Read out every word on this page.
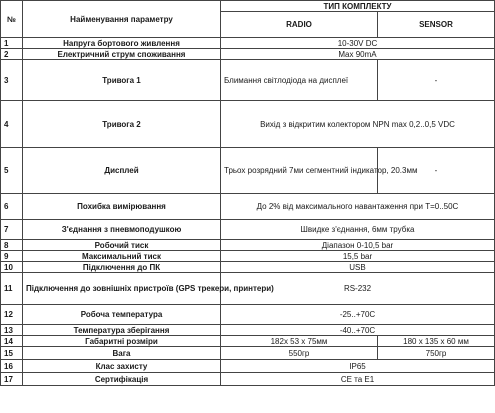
№	Найменування параметру	ТИП КОМПЛЕКТУ	
		RADIO	SENSOR
1	Напруга бортового живлення	10-30V DC	
2	Електричний струм споживання	Max 90mA	
3	Тривога 1	Блимання світлодіода на дисплеї	-
4	Тривога 2	Вихід з відкритим колектором NPN max 0,2..0,5 VDC	
5	Дисплей	Трьох розрядний 7ми сегментний індикатор, 20.3мм	-
6	Похибка вимірювання	До 2% від максимального навантаження при T=0..50C	
7	З'єднання з пневмоподушкою	Швидке з'єднання, 6мм трубка	
8	Робочий тиск	Діапазон 0-10,5 bar	
9	Максимальний тиск	15,5 bar	
10	Підключення до ПК	USB	
11	Підключення до зовнішніх пристроїв (GPS трекери, принтери)	RS-232	
12	Робоча температура	-25..+70C	
13	Температура зберігання	-40..+70C	
14	Габаритні розміри	182x 53 x 75мм	180 x 135 x 60 мм
15	Вага	550гр	750гр
16	Клас захисту	IP65	
17	Сертифікація	CE та E1	
